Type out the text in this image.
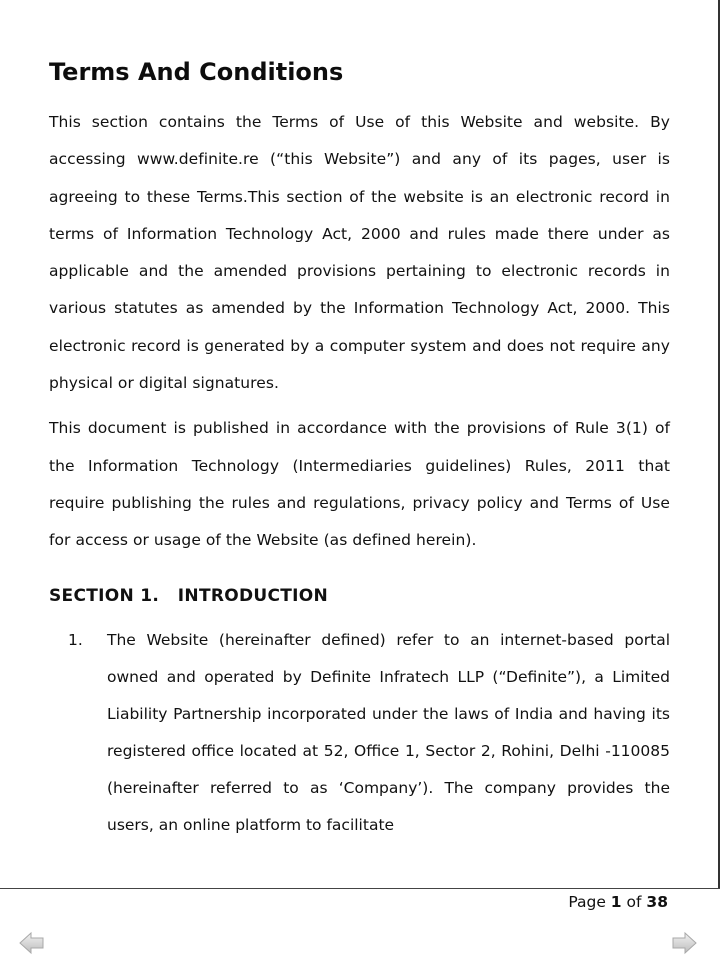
Terms And Conditions

This section contains the Terms of Use of this Website and website. By accessing www.definite.re (“this Website”) and any of its pages, user is agreeing to these Terms.This section of the website is an electronic record in terms of Information Technology Act, 2000 and rules made there under as applicable and the amended provisions pertaining to electronic records in various statutes as amended by the Information Technology Act, 2000. This electronic record is generated by a computer system and does not require any physical or digital signatures.

This document is published in accordance with the provisions of Rule 3(1) of the Information Technology (Intermediaries guidelines) Rules, 2011 that require publishing the rules and regulations, privacy policy and Terms of Use for access or usage of the Website (as defined herein).

SECTION 1.   INTRODUCTION
1. The Website (hereinafter defined) refer to an internet-based portal owned and operated by Definite Infratech LLP (“Definite”), a Limited Liability Partnership incorporated under the laws of India and having its registered office located at 52, Office 1, Sector 2, Rohini, Delhi -110085 (hereinafter referred to as ‘Company’). The company provides the users, an online platform to facilitate
Page 1 of 38
